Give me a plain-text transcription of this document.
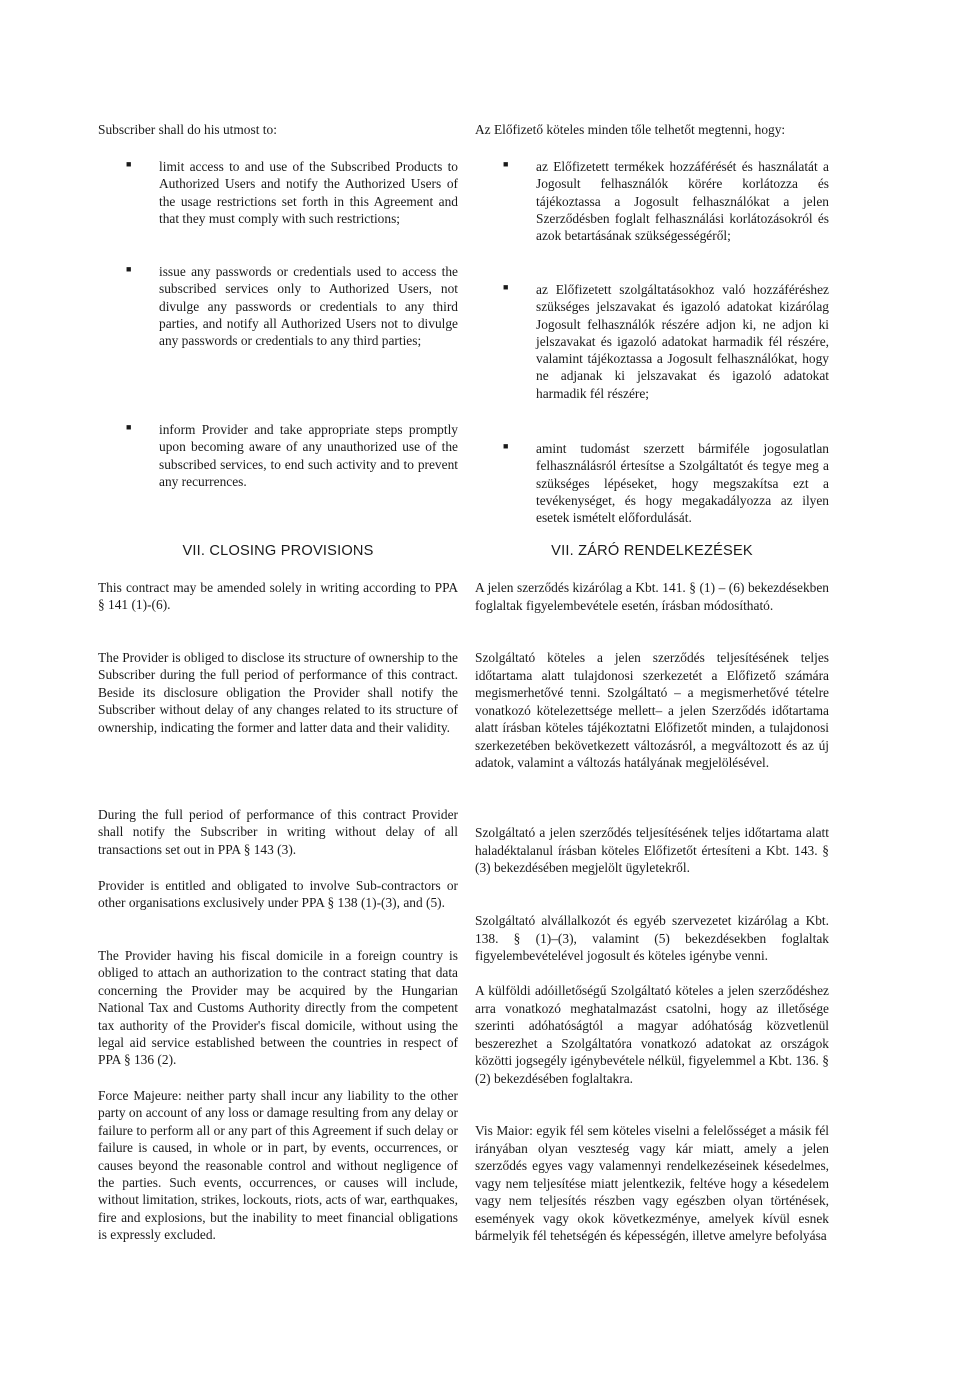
Subscriber shall do his utmost to:
■ limit access to and use of the Subscribed Products to Authorized Users and notify the Authorized Users of the usage restrictions set forth in this Agreement and that they must comply with such restrictions;
■ issue any passwords or credentials used to access the subscribed services only to Authorized Users, not divulge any passwords or credentials to any third parties, and notify all Authorized Users not to divulge any passwords or credentials to any third parties;
■ inform Provider and take appropriate steps promptly upon becoming aware of any unauthorized use of the subscribed services, to end such activity and to prevent any recurrences.
VII. CLOSING PROVISIONS
This contract may be amended solely in writing according to PPA § 141 (1)-(6).
The Provider is obliged to disclose its structure of ownership to the Subscriber during the full period of performance of this contract. Beside its disclosure obligation the Provider shall notify the Subscriber without delay of any changes related to its structure of ownership, indicating the former and latter data and their validity.
During the full period of performance of this contract Provider shall notify the Subscriber in writing without delay of all transactions set out in PPA § 143 (3).
Provider is entitled and obligated to involve Sub-contractors or other organisations exclusively under PPA § 138 (1)-(3), and (5).
The Provider having his fiscal domicile in a foreign country is obliged to attach an authorization to the contract stating that data concerning the Provider may be acquired by the Hungarian National Tax and Customs Authority directly from the competent tax authority of the Provider's fiscal domicile, without using the legal aid service established between the countries in respect of PPA § 136 (2).
Force Majeure: neither party shall incur any liability to the other party on account of any loss or damage resulting from any delay or failure to perform all or any part of this Agreement if such delay or failure is caused, in whole or in part, by events, occurrences, or causes beyond the reasonable control and without negligence of the parties. Such events, occurrences, or causes will include, without limitation, strikes, lockouts, riots, acts of war, earthquakes, fire and explosions, but the inability to meet financial obligations is expressly excluded.
Az Előfizető köteles minden tőle telhetőt megtenni, hogy:
■ az Előfizetett termékek hozzáférését és használatát a Jogosult felhasználók körére korlátozza és tájékoztassa a Jogosult felhasználókat a jelen Szerződésben foglalt felhasználási korlátozásokról és azok betartásának szükségességéről;
■ az Előfizetett szolgáltatásokhoz való hozzáféréshez szükséges jelszavakat és igazoló adatokat kizárólag Jogosult felhasználók részére adjon ki, ne adjon ki jelszavakat és igazoló adatokat harmadik fél részére, valamint tájékoztassa a Jogosult felhasználókat, hogy ne adjanak ki jelszavakat és igazoló adatokat harmadik fél részére;
■ amint tudomást szerzett bármiféle jogosulatlan felhasználásról értesítse a Szolgáltatót és tegye meg a szükséges lépéseket, hogy megszakítsa ezt a tevékenységet, és hogy megakadályozza az ilyen esetek ismételt előfordulását.
VII. ZÁRÓ RENDELKEZÉSEK
A jelen szerződés kizárólag a Kbt. 141. § (1) – (6) bekezdésekben foglaltak figyelembevétele esetén, írásban módosítható.
Szolgáltató köteles a jelen szerződés teljesítésének teljes időtartama alatt tulajdonosi szerkezetét a Előfizető számára megismerhetővé tenni. Szolgáltató – a megismerhetővé tételre vonatkozó kötelezettsége mellett– a jelen Szerződés időtartama alatt írásban köteles tájékoztatni Előfizetőt minden, a tulajdonosi szerkezetében bekövetkezett változásról, a megváltozott és az új adatok, valamint a változás hatályának megjelölésével.
Szolgáltató a jelen szerződés teljesítésének teljes időtartama alatt haladéktalanul írásban köteles Előfizetőt értesíteni a Kbt. 143. § (3) bekezdésében megjelölt ügyletekről.
Szolgáltató alvállalkozót és egyéb szervezetet kizárólag a Kbt. 138. § (1)–(3), valamint (5) bekezdésekben foglaltak figyelembevételével jogosult és köteles igénybe venni.
A külföldi adóilletőségű Szolgáltató köteles a jelen szerződéshez arra vonatkozó meghatalmazást csatolni, hogy az illetősége szerinti adóhatóságtól a magyar adóhatóság közvetlenül beszerezhet a Szolgáltatóra vonatkozó adatokat az országok közötti jogsegély igénybevétele nélkül, figyelemmel a Kbt. 136. § (2) bekezdésében foglaltakra.
Vis Maior: egyik fél sem köteles viselni a felelősséget a másik fél irányában olyan veszteség vagy kár miatt, amely a jelen szerződés egyes vagy valamennyi rendelkezéseinek késedelmes, vagy nem teljesítése miatt jelentkezik, feltéve hogy a késedelem vagy nem teljesítés részben vagy egészben olyan történések, események vagy okok következménye, amelyek kívül esnek bármelyik fél tehetségén és képességén, illetve amelyre befolyása
